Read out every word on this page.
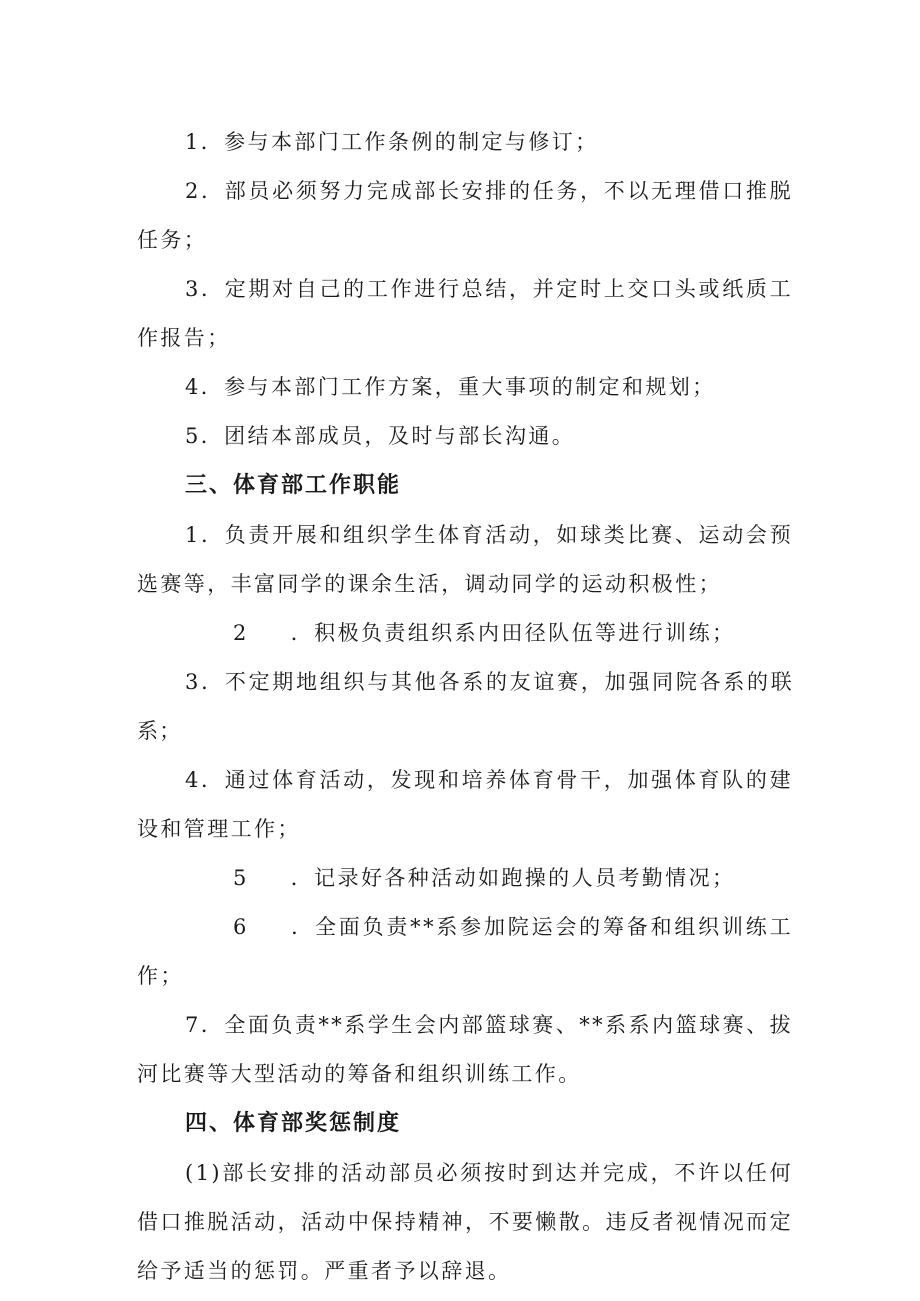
1．参与本部门工作条例的制定与修订；

2．部员必须努力完成部长安排的任务，不以无理借口推脱任务；

3．定期对自己的工作进行总结，并定时上交口头或纸质工作报告；

4．参与本部门工作方案，重大事项的制定和规划；

5．团结本部成员，及时与部长沟通。

三、体育部工作职能

1．负责开展和组织学生体育活动，如球类比赛、运动会预选赛等，丰富同学的课余生活，调动同学的运动积极性；

2 ．积极负责组织系内田径队伍等进行训练；

3．不定期地组织与其他各系的友谊赛，加强同院各系的联系；

4．通过体育活动，发现和培养体育骨干，加强体育队的建设和管理工作；

5 ．记录好各种活动如跑操的人员考勤情况；

6 ．全面负责**系参加院运会的筹备和组织训练工作；

7．全面负责**系学生会内部篮球赛、**系系内篮球赛、拔河比赛等大型活动的筹备和组织训练工作。

四、体育部奖惩制度

(1)部长安排的活动部员必须按时到达并完成，不许以任何借口推脱活动，活动中保持精神，不要懒散。违反者视情况而定给予适当的惩罚。严重者予以辞退。
